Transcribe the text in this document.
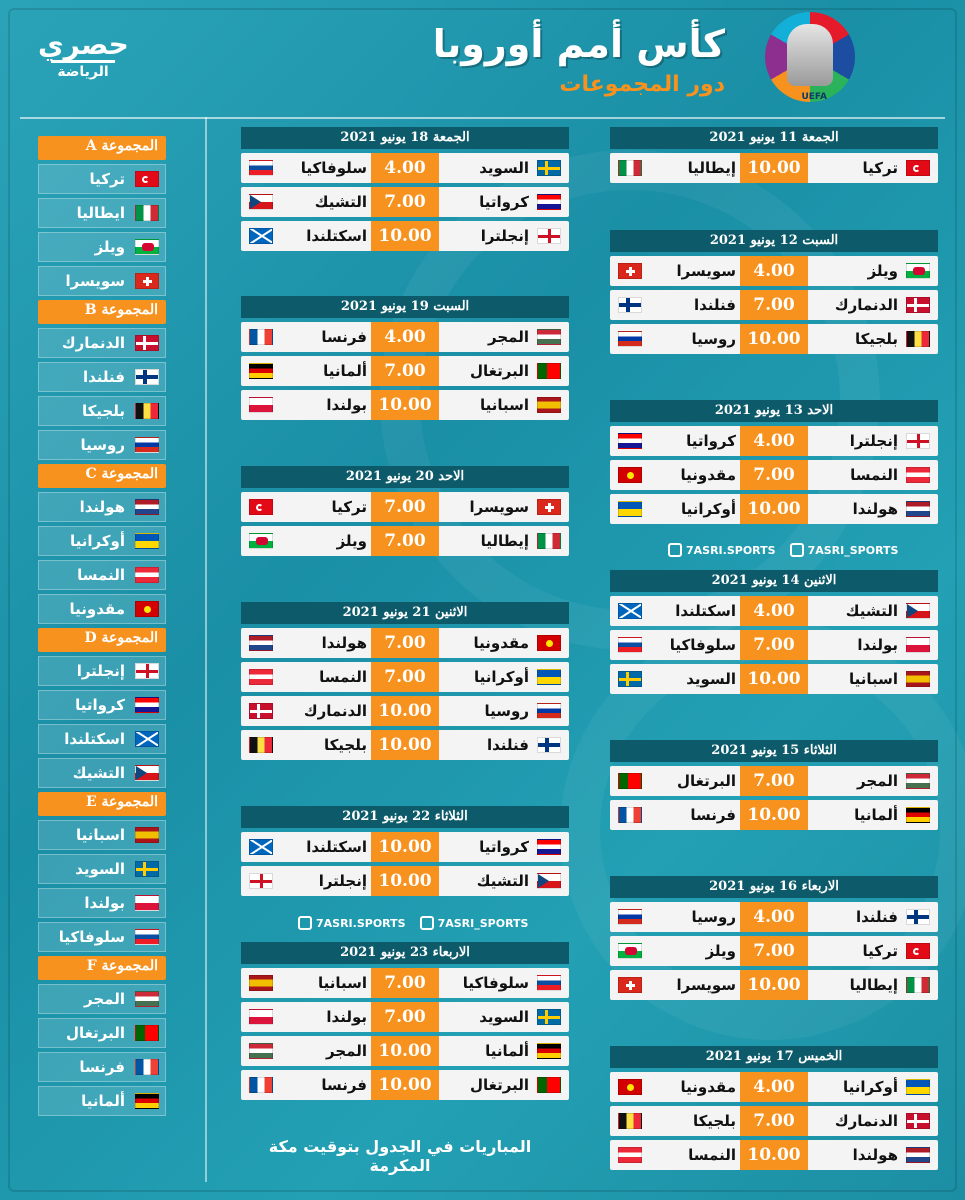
حصري
الرياضة
كأس أمم أوروبا
دور المجموعات	UEFA
المجموعة A
تركيا
ايطاليا
ويلز
سويسرا
المجموعة B
الدنمارك
فنلندا
بلجيكا
روسيا
المجموعة C
هولندا
أوكرانيا
النمسا
مقدونيا
المجموعة D
إنجلترا
كرواتيا
اسكتلندا
التشيك
المجموعة E
اسبانيا
السويد
بولندا
سلوفاكيا
المجموعة F
المجر
البرتغال
فرنسا
ألمانيا
الجمعة 11 يونيو 2021
إيطاليا 10.00	تركيا
السبت 12 يونيو 2021
سويسرا	4.00	ويلز
فنلندا	7.00	الدنمارك
روسيا 10.00	بلجيكا
الاحد 13 يونيو 2021
كرواتيا	4.00	إنجلترا
مقدونيا	7.00	النمسا
أوكرانيا 10.00	هولندا
الاثنين 14 يونيو 2021
اسكتلندا	4.00	التشيك
سلوفاكيا	7.00	بولندا
السويد 10.00	اسبانيا
الثلاثاء 15 يونيو 2021
البرتغال	7.00	المجر
فرنسا 10.00	ألمانيا
الاربعاء 16 يونيو 2021
روسيا	4.00	فنلندا
ويلز	7.00	تركيا
سويسرا 10.00	إيطاليا
الخميس 17 يونيو 2021
مقدونيا	4.00	أوكرانيا
بلجيكا	7.00	الدنمارك
النمسا 10.00	هولندا
الجمعة 18 يونيو 2021
سلوفاكيا	4.00	السويد
التشيك	7.00	كرواتيا
اسكتلندا 10.00	إنجلترا
السبت 19 يونيو 2021
فرنسا	4.00	المجر
ألمانيا	7.00	البرتغال
بولندا 10.00	اسبانيا
الاحد 20 يونيو 2021
تركيا	7.00	سويسرا
ويلز	7.00	إيطاليا
الاثنين 21 يونيو 2021
هولندا	7.00	مقدونيا
النمسا	7.00	أوكرانيا
الدنمارك 10.00	روسيا
بلجيكا 10.00	فنلندا
الثلاثاء 22 يونيو 2021
اسكتلندا 10.00	كرواتيا
إنجلترا 10.00	التشيك
الاربعاء 23 يونيو 2021
اسبانيا	7.00	سلوفاكيا
بولندا	7.00	السويد
المجر 10.00	ألمانيا
فرنسا 10.00	البرتغال
7ASRI.SPORTS	7ASRI_SPORTS
7ASRI.SPORTS	7ASRI_SPORTS
المباريات في الجدول بتوقيت مكة المكرمة
